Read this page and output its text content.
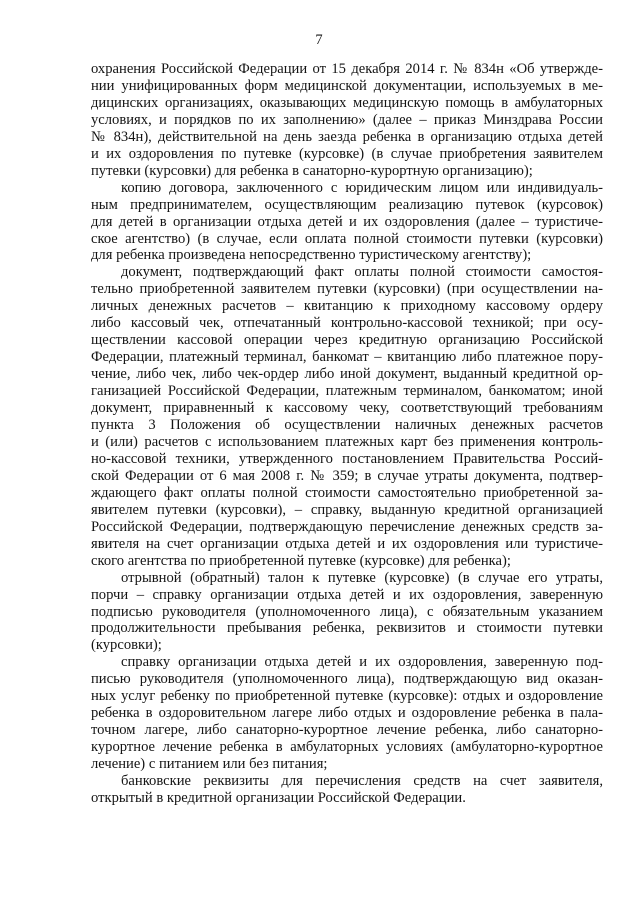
7
охранения Российской Федерации от 15 декабря 2014 г. № 834н «Об утвержде-
нии унифицированных форм медицинской документации, используемых в ме-
дицинских организациях, оказывающих медицинскую помощь в амбулаторных
условиях, и порядков по их заполнению» (далее – приказ Минздрава России
№ 834н), действительной на день заезда ребенка в организацию отдыха детей
и их оздоровления по путевке (курсовке) (в случае приобретения заявителем
путевки (курсовки) для ребенка в санаторно-курортную организацию);
копию договора, заключенного с юридическим лицом или индивидуаль-
ным предпринимателем, осуществляющим реализацию путевок (курсовок)
для детей в организации отдыха детей и их оздоровления (далее – туристиче-
ское агентство) (в случае, если оплата полной стоимости путевки (курсовки)
для ребенка произведена непосредственно туристическому агентству);
документ, подтверждающий факт оплаты полной стоимости самостоя-
тельно приобретенной заявителем путевки (курсовки) (при осуществлении на-
личных денежных расчетов – квитанцию к приходному кассовому ордеру
либо кассовый чек, отпечатанный контрольно-кассовой техникой; при осу-
ществлении кассовой операции через кредитную организацию Российской
Федерации, платежный терминал, банкомат – квитанцию либо платежное пору-
чение, либо чек, либо чек-ордер либо иной документ, выданный кредитной ор-
ганизацией Российской Федерации, платежным терминалом, банкоматом; иной
документ, приравненный к кассовому чеку, соответствующий требованиям
пункта 3 Положения об осуществлении наличных денежных расчетов
и (или) расчетов с использованием платежных карт без применения контроль-
но-кассовой техники, утвержденного постановлением Правительства Россий-
ской Федерации от 6 мая 2008 г. № 359; в случае утраты документа, подтвер-
ждающего факт оплаты полной стоимости самостоятельно приобретенной за-
явителем путевки (курсовки), – справку, выданную кредитной организацией
Российской Федерации, подтверждающую перечисление денежных средств за-
явителя на счет организации отдыха детей и их оздоровления или туристиче-
ского агентства по приобретенной путевке (курсовке) для ребенка);
отрывной (обратный) талон к путевке (курсовке) (в случае его утраты,
порчи – справку организации отдыха детей и их оздоровления, заверенную
подписью руководителя (уполномоченного лица), с обязательным указанием
продолжительности пребывания ребенка, реквизитов и стоимости путевки
(курсовки);
справку организации отдыха детей и их оздоровления, заверенную под-
писью руководителя (уполномоченного лица), подтверждающую вид оказан-
ных услуг ребенку по приобретенной путевке (курсовке): отдых и оздоровление
ребенка в оздоровительном лагере либо отдых и оздоровление ребенка в пала-
точном лагере, либо санаторно-курортное лечение ребенка, либо санаторно-
курортное лечение ребенка в амбулаторных условиях (амбулаторно-курортное
лечение) с питанием или без питания;
банковские реквизиты для перечисления средств на счет заявителя,
открытый в кредитной организации Российской Федерации.
